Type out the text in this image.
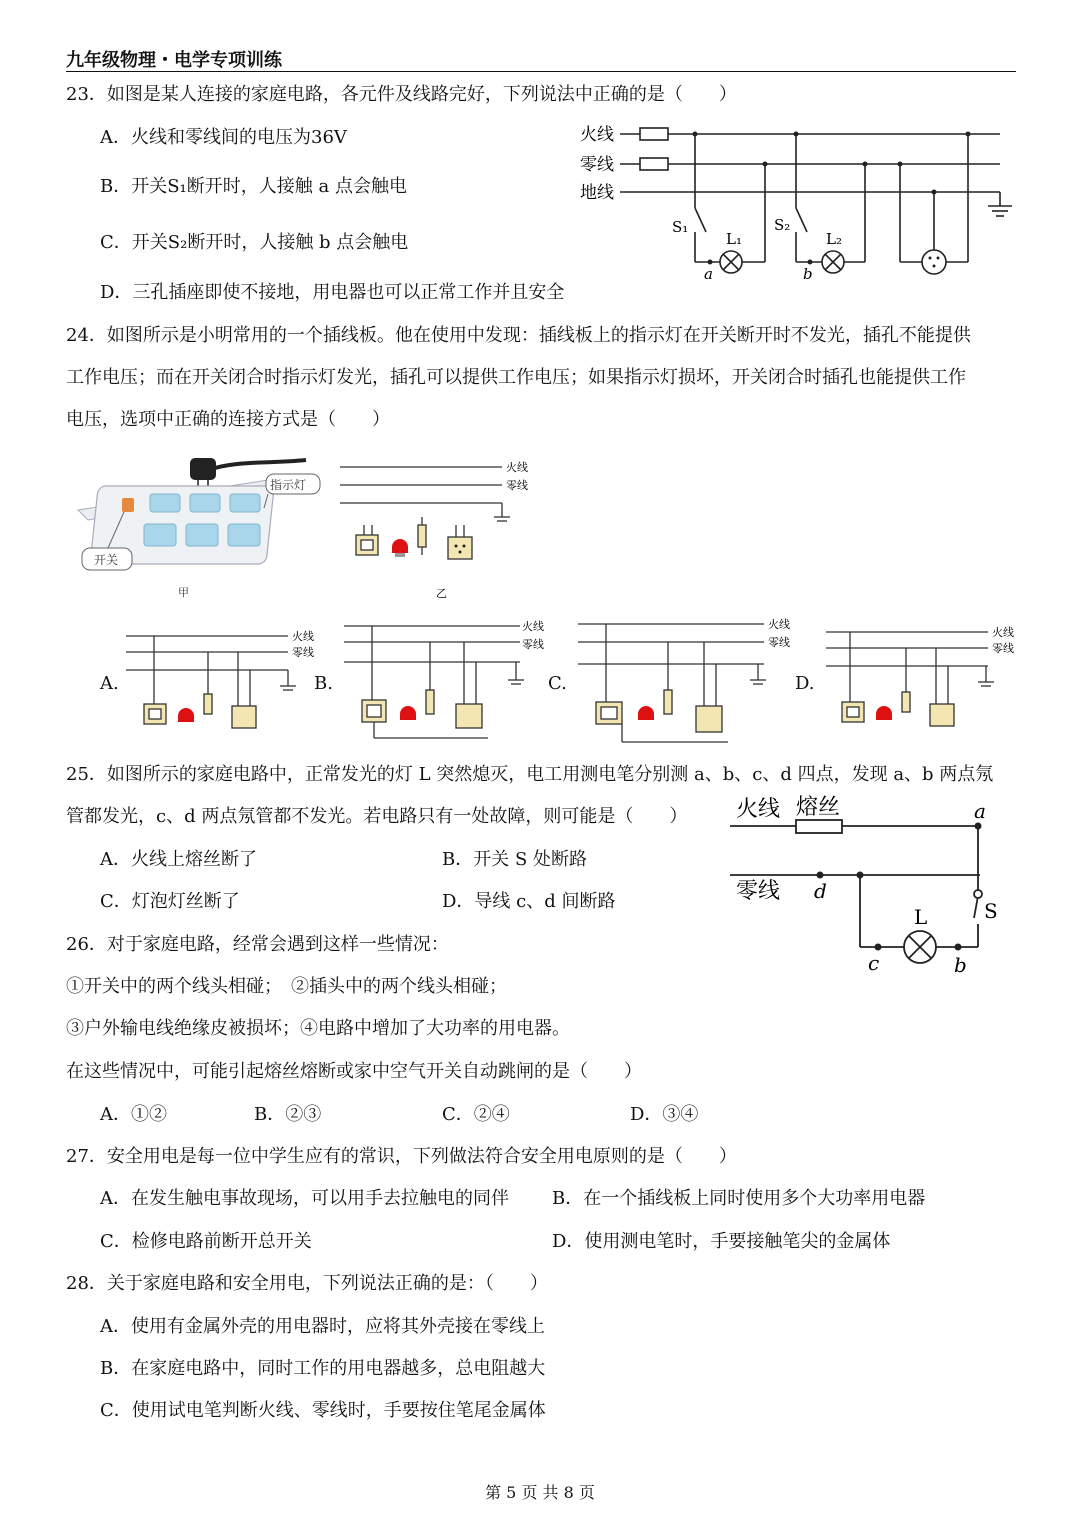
九年级物理・电学专项训练
23．如图是某人连接的家庭电路，各元件及线路完好，下列说法中正确的是（　　）
A．火线和零线间的电压为36V
B．开关S₁断开时，人接触 a 点会触电
C．开关S₂断开时，人接触 b 点会触电
D．三孔插座即使不接地，用电器也可以正常工作并且安全
火线
零线
地线
S₁
L₁
S₂
L₂
a	b
24．如图所示是小明常用的一个插线板。他在使用中发现：插线板上的指示灯在开关断开时不发光，插孔不能提供
工作电压；而在开关闭合时指示灯发光，插孔可以提供工作电压；如果指示灯损坏，开关闭合时插孔也能提供工作
电压，选项中正确的连接方式是（　　）
指示灯
开关
甲
火线
零线
乙
A.
火线
零线
B.
火线
零线
C.
火线
零线
D.
火线
零线
25．如图所示的家庭电路中，正常发光的灯 L 突然熄灭，电工用测电笔分别测 a、b、c、d 四点，发现 a、b 两点氖
管都发光，c、d 两点氖管都不发光。若电路只有一处故障，则可能是（　　）
A．火线上熔丝断了	B．开关 S 处断路
C．灯泡灯丝断了	D．导线 c、d 间断路
火线 熔丝	a
零线 d
L	S
c	b
26．对于家庭电路，经常会遇到这样一些情况：
①开关中的两个线头相碰；　②插头中的两个线头相碰；
③户外输电线绝缘皮被损坏；④电路中增加了大功率的用电器。
在这些情况中，可能引起熔丝熔断或家中空气开关自动跳闸的是（　　）
A．①②	B．②③	C．②④	D．③④
27．安全用电是每一位中学生应有的常识，下列做法符合安全用电原则的是（　　）
A．在发生触电事故现场，可以用手去拉触电的同伴 B．在一个插线板上同时使用多个大功率用电器
C．检修电路前断开总开关	D．使用测电笔时，手要接触笔尖的金属体
28．关于家庭电路和安全用电，下列说法正确的是：（　　）
A．使用有金属外壳的用电器时，应将其外壳接在零线上
B．在家庭电路中，同时工作的用电器越多，总电阻越大
C．使用试电笔判断火线、零线时，手要按住笔尾金属体
第 5 页 共 8 页
